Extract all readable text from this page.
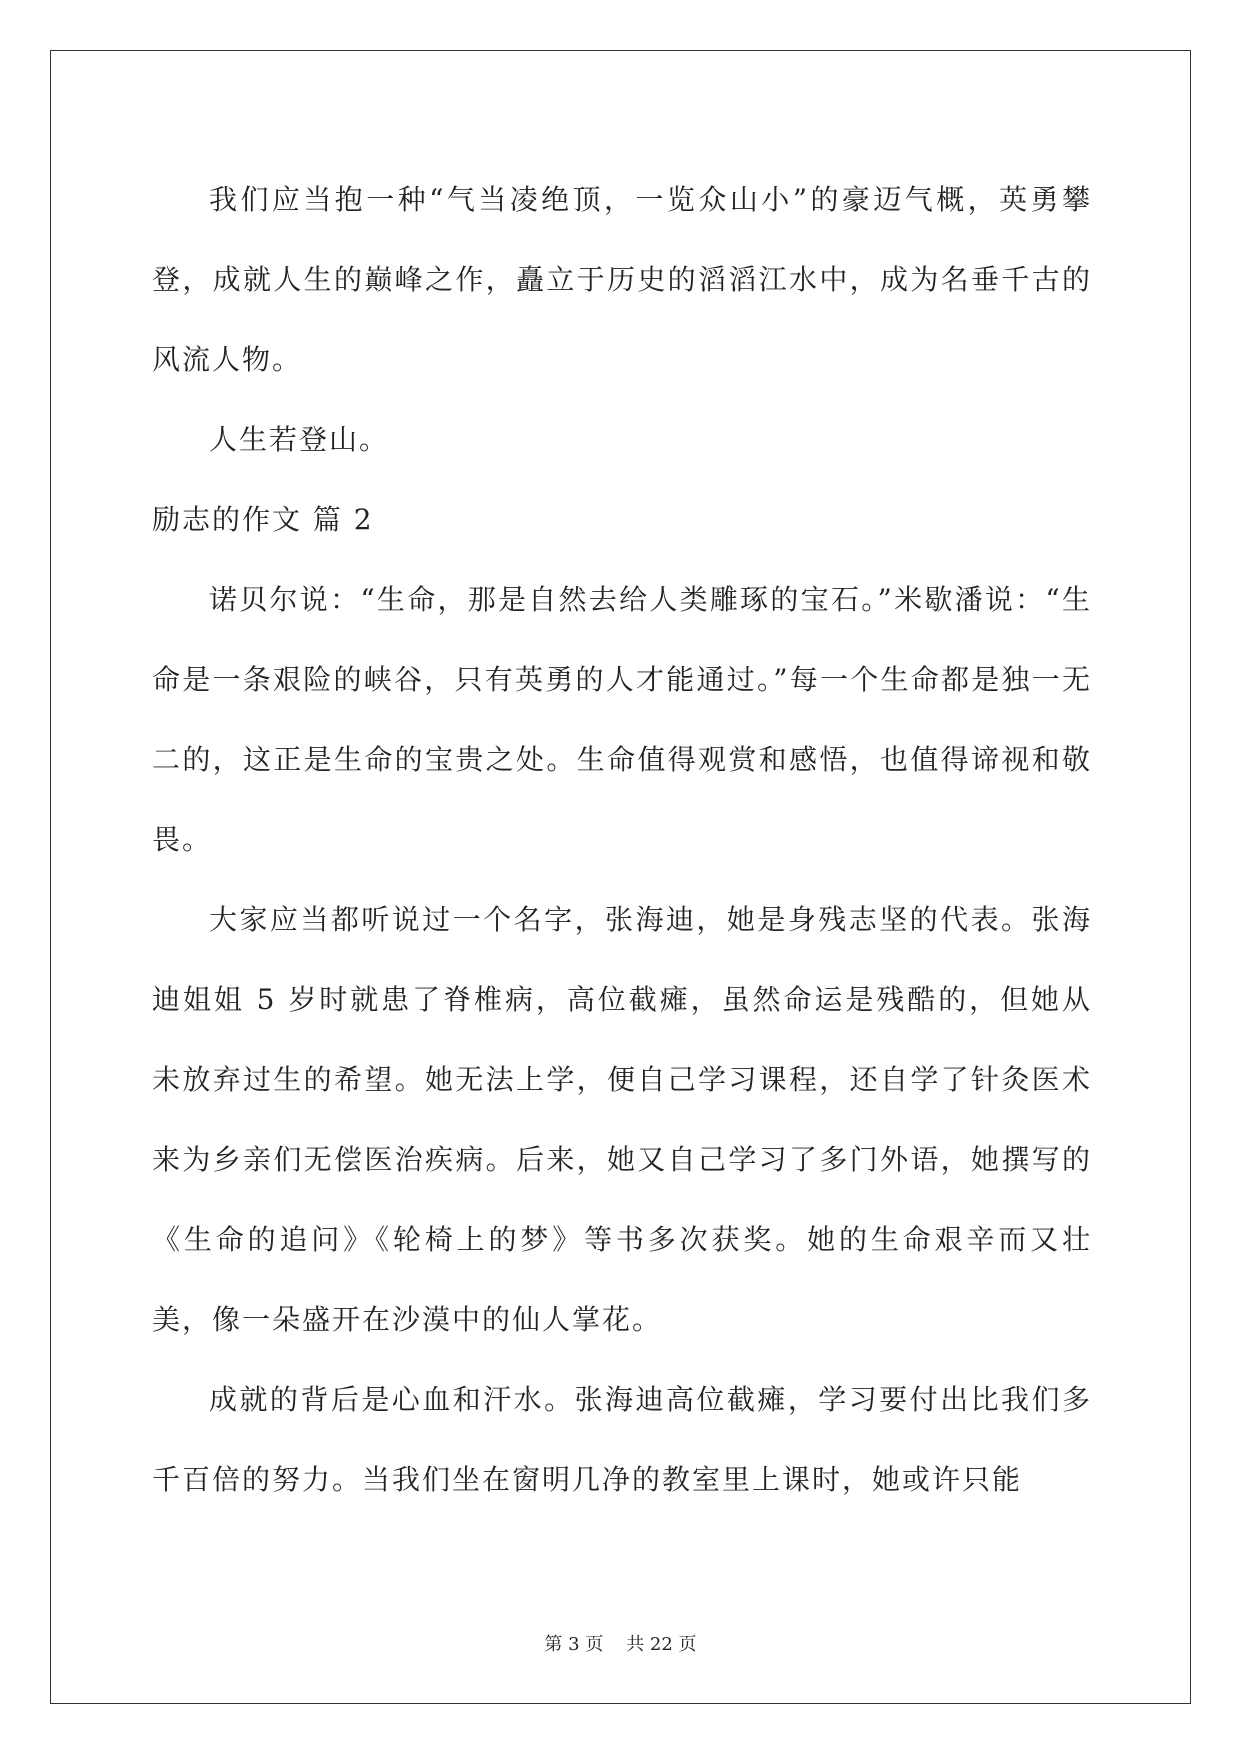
我们应当抱一种“气当凌绝顶，一览众山小”的豪迈气概，英勇攀登，成就人生的巅峰之作，矗立于历史的滔滔江水中，成为名垂千古的风流人物。

人生若登山。

励志的作文 篇 2

诺贝尔说：“生命，那是自然去给人类雕琢的宝石。”米歇潘说：“生命是一条艰险的峡谷，只有英勇的人才能通过。”每一个生命都是独一无二的，这正是生命的宝贵之处。生命值得观赏和感悟，也值得谛视和敬畏。

大家应当都听说过一个名字，张海迪，她是身残志坚的代表。张海迪姐姐 5 岁时就患了脊椎病，高位截瘫，虽然命运是残酷的，但她从未放弃过生的希望。她无法上学，便自己学习课程，还自学了针灸医术来为乡亲们无偿医治疾病。后来，她又自己学习了多门外语，她撰写的《生命的追问》《轮椅上的梦》等书多次获奖。她的生命艰辛而又壮美，像一朵盛开在沙漠中的仙人掌花。

成就的背后是心血和汗水。张海迪高位截瘫，学习要付出比我们多千百倍的努力。当我们坐在窗明几净的教室里上课时，她或许只能

第 3 页    共 22 页
